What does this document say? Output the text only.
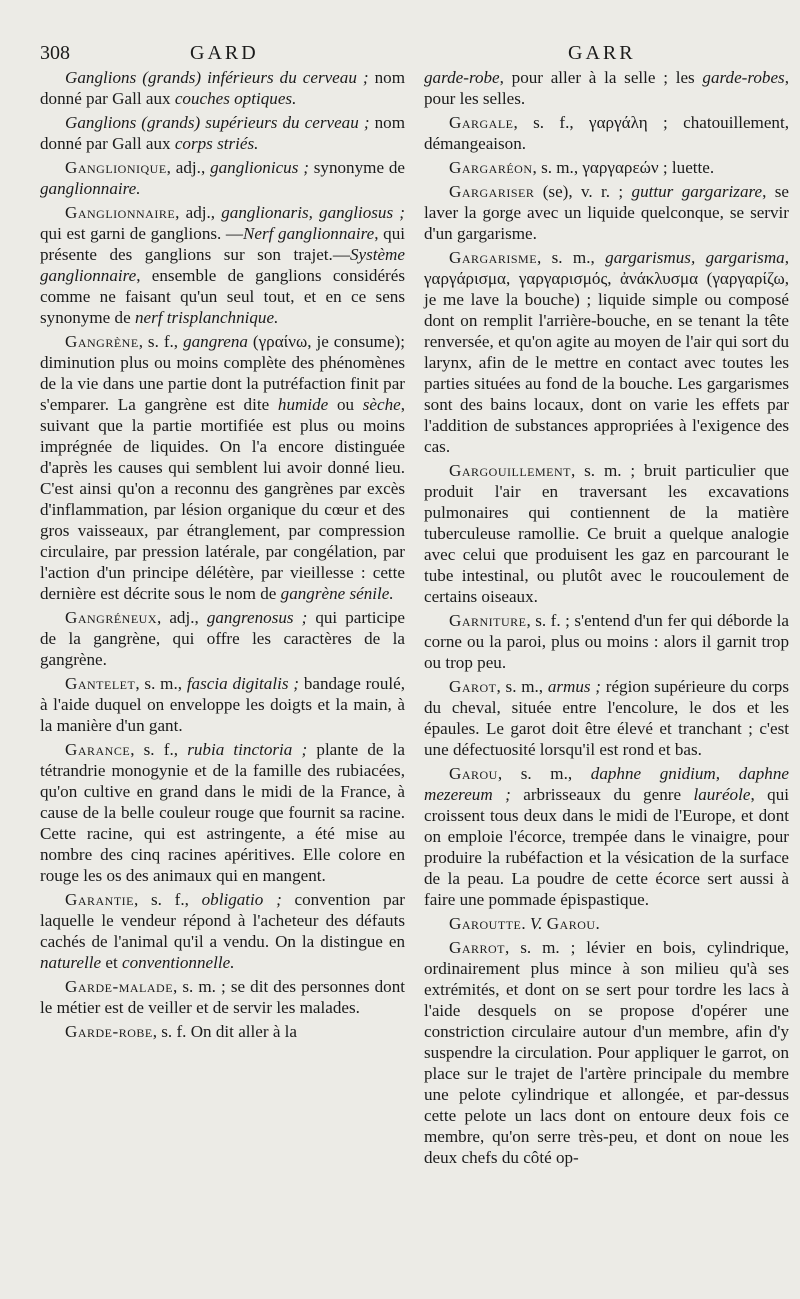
308	GARD	GARR

Ganglions (grands) inférieurs du cerveau ; nom donné par Gall aux couches optiques.

Ganglions (grands) supérieurs du cerveau ; nom donné par Gall aux corps striés.

Ganglionique, adj., ganglionicus ; synonyme de ganglionnaire.

Ganglionnaire, adj., ganglionaris, gangliosus ; qui est garni de ganglions. —Nerf ganglionnaire, qui présente des ganglions sur son trajet.—Système ganglionnaire, ensemble de ganglions considérés comme ne faisant qu'un seul tout, et en ce sens synonyme de nerf trisplanchnique.

Gangrène, s. f., gangrena (γραίνω, je consume); diminution plus ou moins complète des phénomènes de la vie dans une partie dont la putréfaction finit par s'emparer. La gangrène est dite humide ou sèche, suivant que la partie mortifiée est plus ou moins imprégnée de liquides. On l'a encore distinguée d'après les causes qui semblent lui avoir donné lieu. C'est ainsi qu'on a reconnu des gangrènes par excès d'inflammation, par lésion organique du cœur et des gros vaisseaux, par étranglement, par compression circulaire, par pression latérale, par congélation, par l'action d'un principe délétère, par vieillesse : cette dernière est décrite sous le nom de gangrène sénile.

Gangréneux, adj., gangrenosus ; qui participe de la gangrène, qui offre les caractères de la gangrène.

Gantelet, s. m., fascia digitalis ; bandage roulé, à l'aide duquel on enveloppe les doigts et la main, à la manière d'un gant.

Garance, s. f., rubia tinctoria ; plante de la tétrandrie monogynie et de la famille des rubiacées, qu'on cultive en grand dans le midi de la France, à cause de la belle couleur rouge que fournit sa racine. Cette racine, qui est astringente, a été mise au nombre des cinq racines apéritives. Elle colore en rouge les os des animaux qui en mangent.

Garantie, s. f., obligatio ; convention par laquelle le vendeur répond à l'acheteur des défauts cachés de l'animal qu'il a vendu. On la distingue en naturelle et conventionnelle.

Garde-malade, s. m. ; se dit des personnes dont le métier est de veiller et de servir les malades.

Garde-robe, s. f. On dit aller à la

garde-robe, pour aller à la selle ; les garde-robes, pour les selles.

Gargale, s. f., γαργάλη ; chatouillement, démangeaison.

Gargaréon, s. m., γαργαρεών ; luette.

Gargariser (se), v. r. ; guttur gargarizare, se laver la gorge avec un liquide quelconque, se servir d'un gargarisme.

Gargarisme, s. m., gargarismus, gargarisma, γαργάρισμα, γαργαρισμός, ἀνάκλυσμα (γαργαρίζω, je me lave la bouche) ; liquide simple ou composé dont on remplit l'arrière-bouche, en se tenant la tête renversée, et qu'on agite au moyen de l'air qui sort du larynx, afin de le mettre en contact avec toutes les parties situées au fond de la bouche. Les gargarismes sont des bains locaux, dont on varie les effets par l'addition de substances appropriées à l'exigence des cas.

Gargouillement, s. m. ; bruit particulier que produit l'air en traversant les excavations pulmonaires qui contiennent de la matière tuberculeuse ramollie. Ce bruit a quelque analogie avec celui que produisent les gaz en parcourant le tube intestinal, ou plutôt avec le roucoulement de certains oiseaux.

Garniture, s. f. ; s'entend d'un fer qui déborde la corne ou la paroi, plus ou moins : alors il garnit trop ou trop peu.

Garot, s. m., armus ; région supérieure du corps du cheval, située entre l'encolure, le dos et les épaules. Le garot doit être élevé et tranchant ; c'est une défectuosité lorsqu'il est rond et bas.

Garou, s. m., daphne gnidium, daphne mezereum ; arbrisseaux du genre lauréole, qui croissent tous deux dans le midi de l'Europe, et dont on emploie l'écorce, trempée dans le vinaigre, pour produire la rubéfaction et la vésication de la surface de la peau. La poudre de cette écorce sert aussi à faire une pommade épispastique.

Garoutte. V. Garou.

Garrot, s. m. ; lévier en bois, cylindrique, ordinairement plus mince à son milieu qu'à ses extrémités, et dont on se sert pour tordre les lacs à l'aide desquels on se propose d'opérer une constriction circulaire autour d'un membre, afin d'y suspendre la circulation. Pour appliquer le garrot, on place sur le trajet de l'artère principale du membre une pelote cylindrique et allongée, et par-dessus cette pelote un lacs dont on entoure deux fois ce membre, qu'on serre très-peu, et dont on noue les deux chefs du côté op-
